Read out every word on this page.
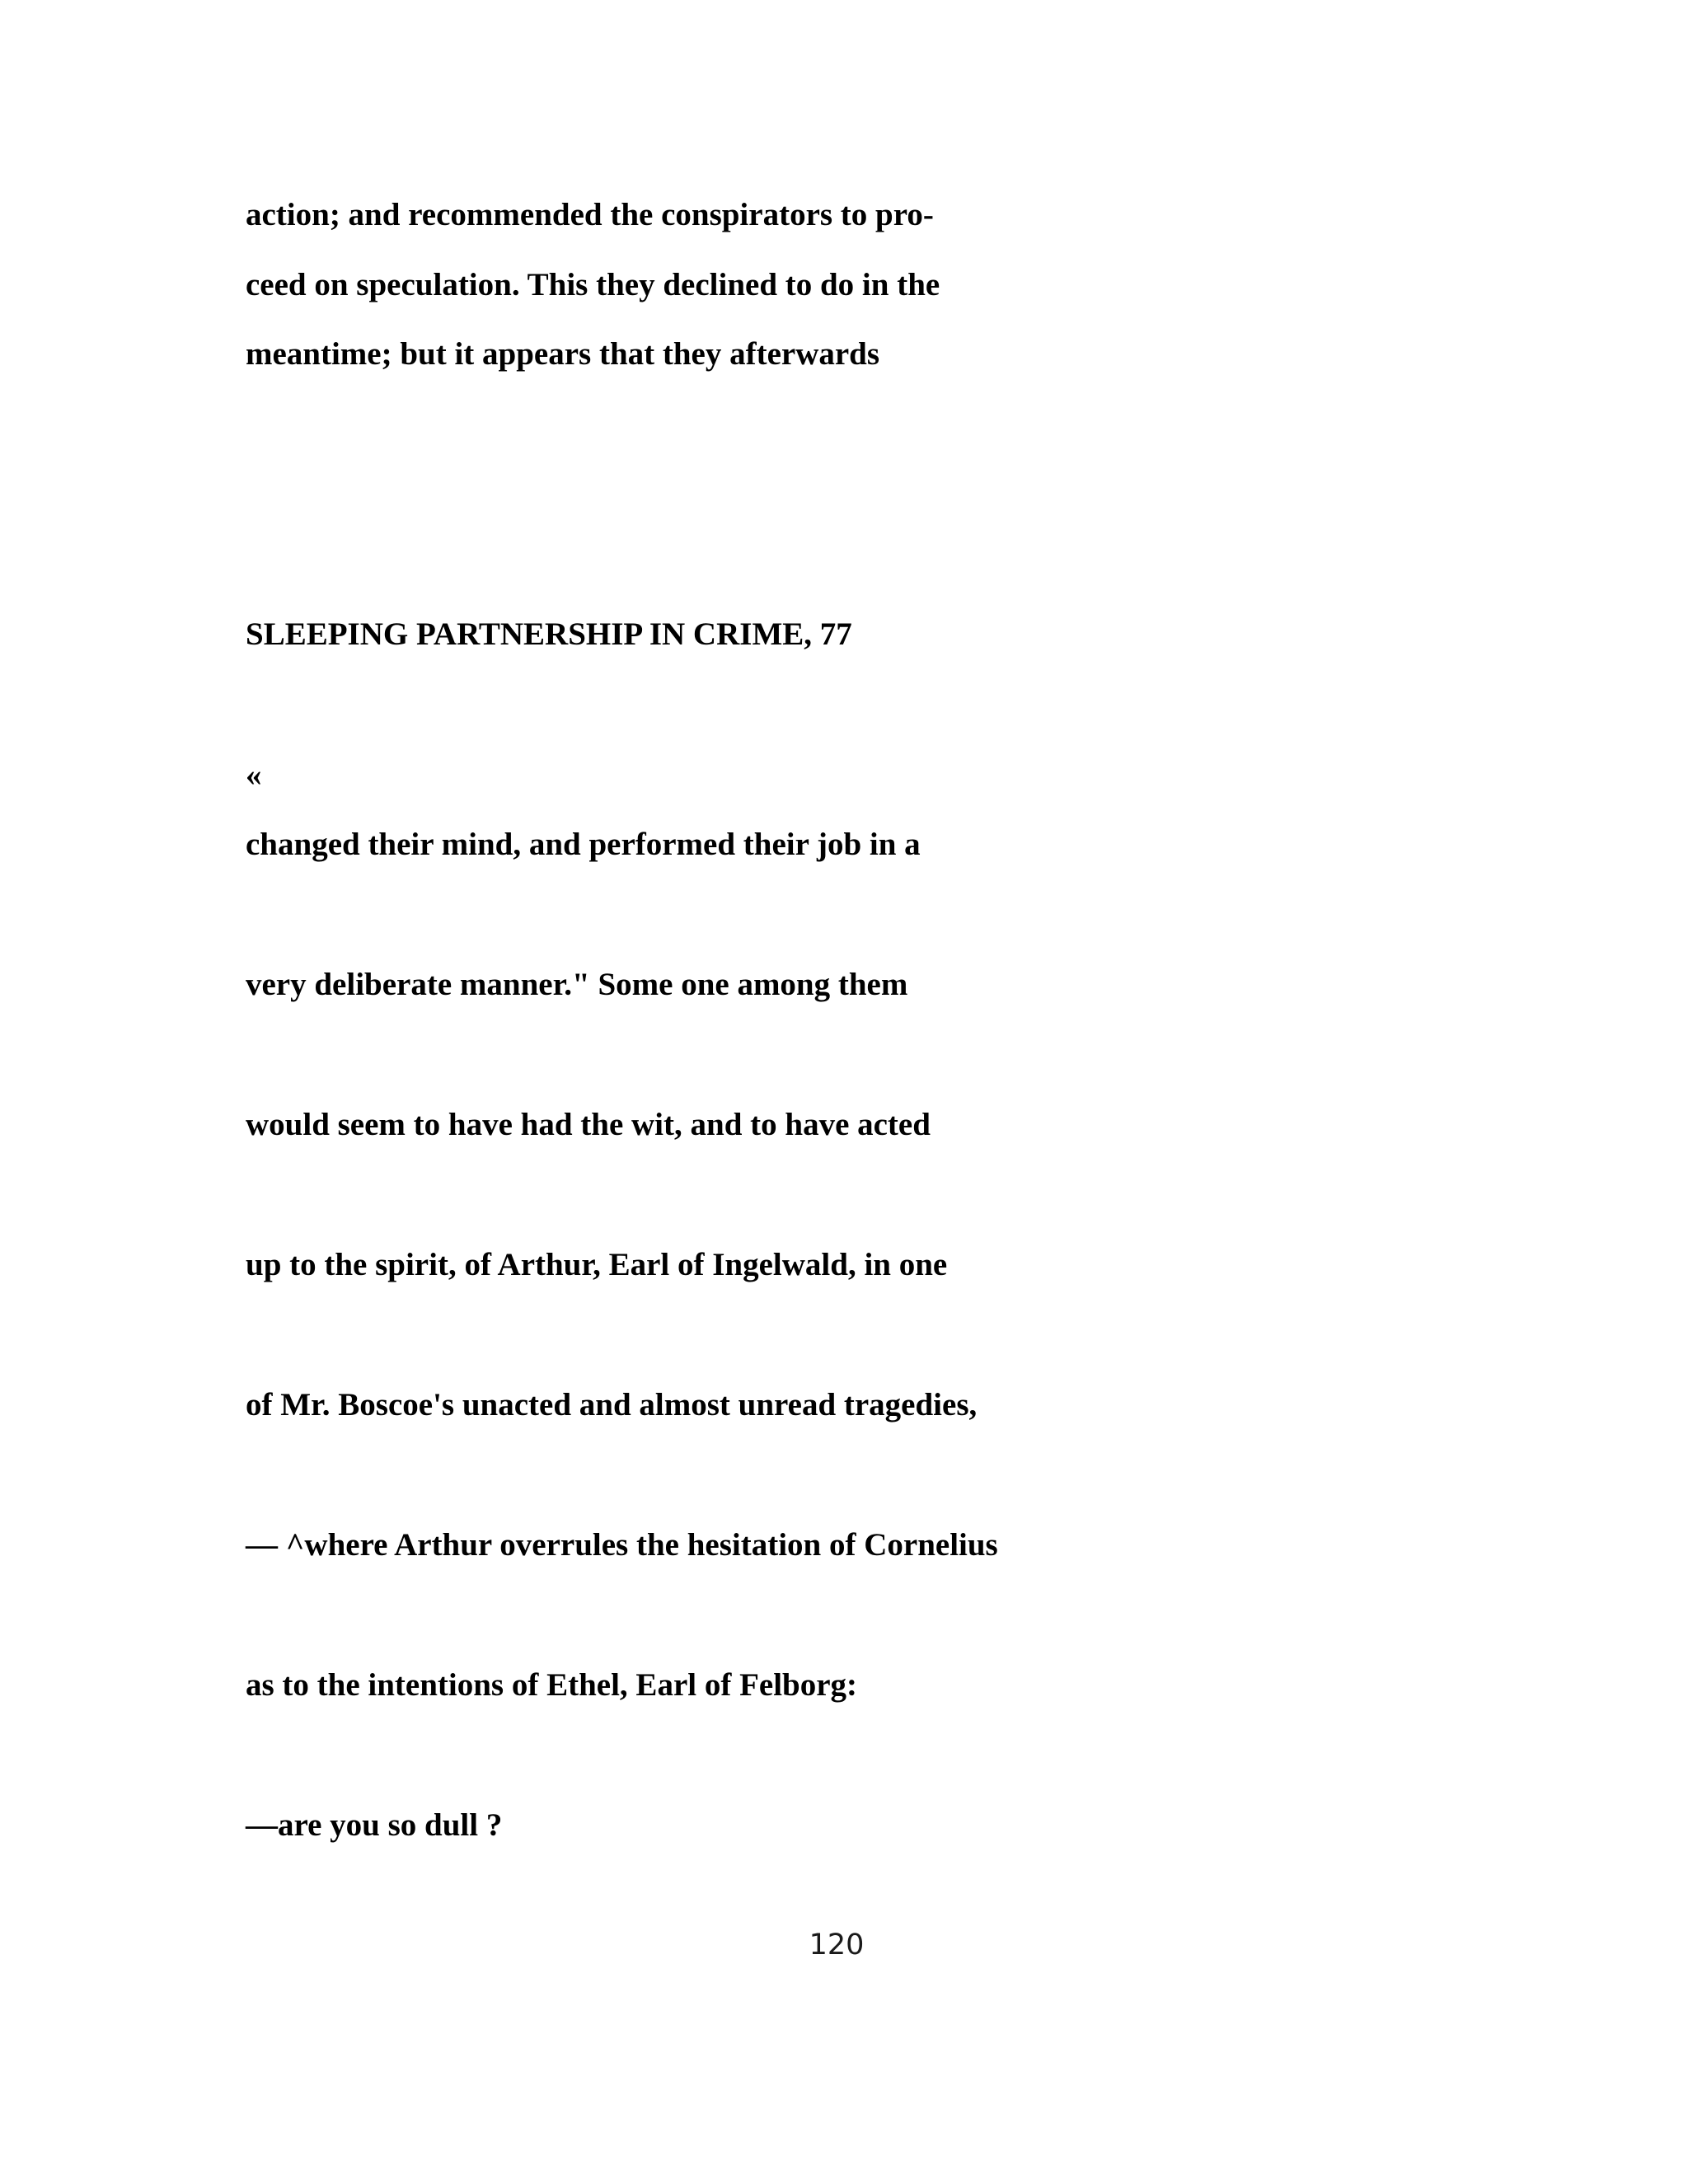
action; and recommended the conspirators to pro-

ceed on speculation. This they declined to do in the

meantime; but it appears that they afterwards

SLEEPING PARTNERSHIP IN CRIME, 77

«

changed their mind, and performed their job in a

very deliberate manner." Some one among them

would seem to have had the wit, and to have acted

up to the spirit, of Arthur, Earl of Ingelwald, in one

of Mr. Boscoe's unacted and almost unread tragedies,

— ^where Arthur overrules the hesitation of Cornelius

as to the intentions of Ethel, Earl of Felborg:

—are you so dull ?

120
